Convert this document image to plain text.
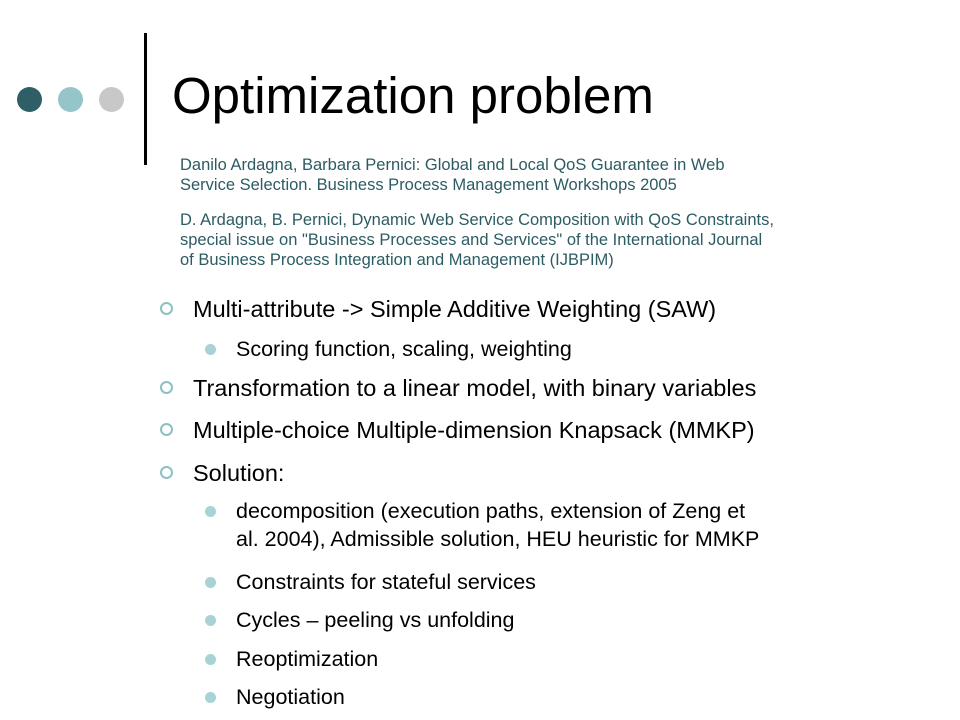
Optimization problem
Danilo Ardagna, Barbara Pernici: Global and Local QoS Guarantee in Web
Service Selection. Business Process Management Workshops 2005
D. Ardagna, B. Pernici, Dynamic Web Service Composition with QoS Constraints,
special issue on "Business Processes and Services" of the International Journal
of Business Process Integration and Management (IJBPIM)
Multi-attribute -> Simple Additive Weighting (SAW)
Scoring function, scaling, weighting
Transformation to a linear model, with binary variables
Multiple-choice Multiple-dimension Knapsack (MMKP)
Solution:
decomposition (execution paths, extension of Zeng et
al. 2004), Admissible solution, HEU heuristic for MMKP
Constraints for stateful services
Cycles – peeling vs unfolding
Reoptimization
Negotiation
